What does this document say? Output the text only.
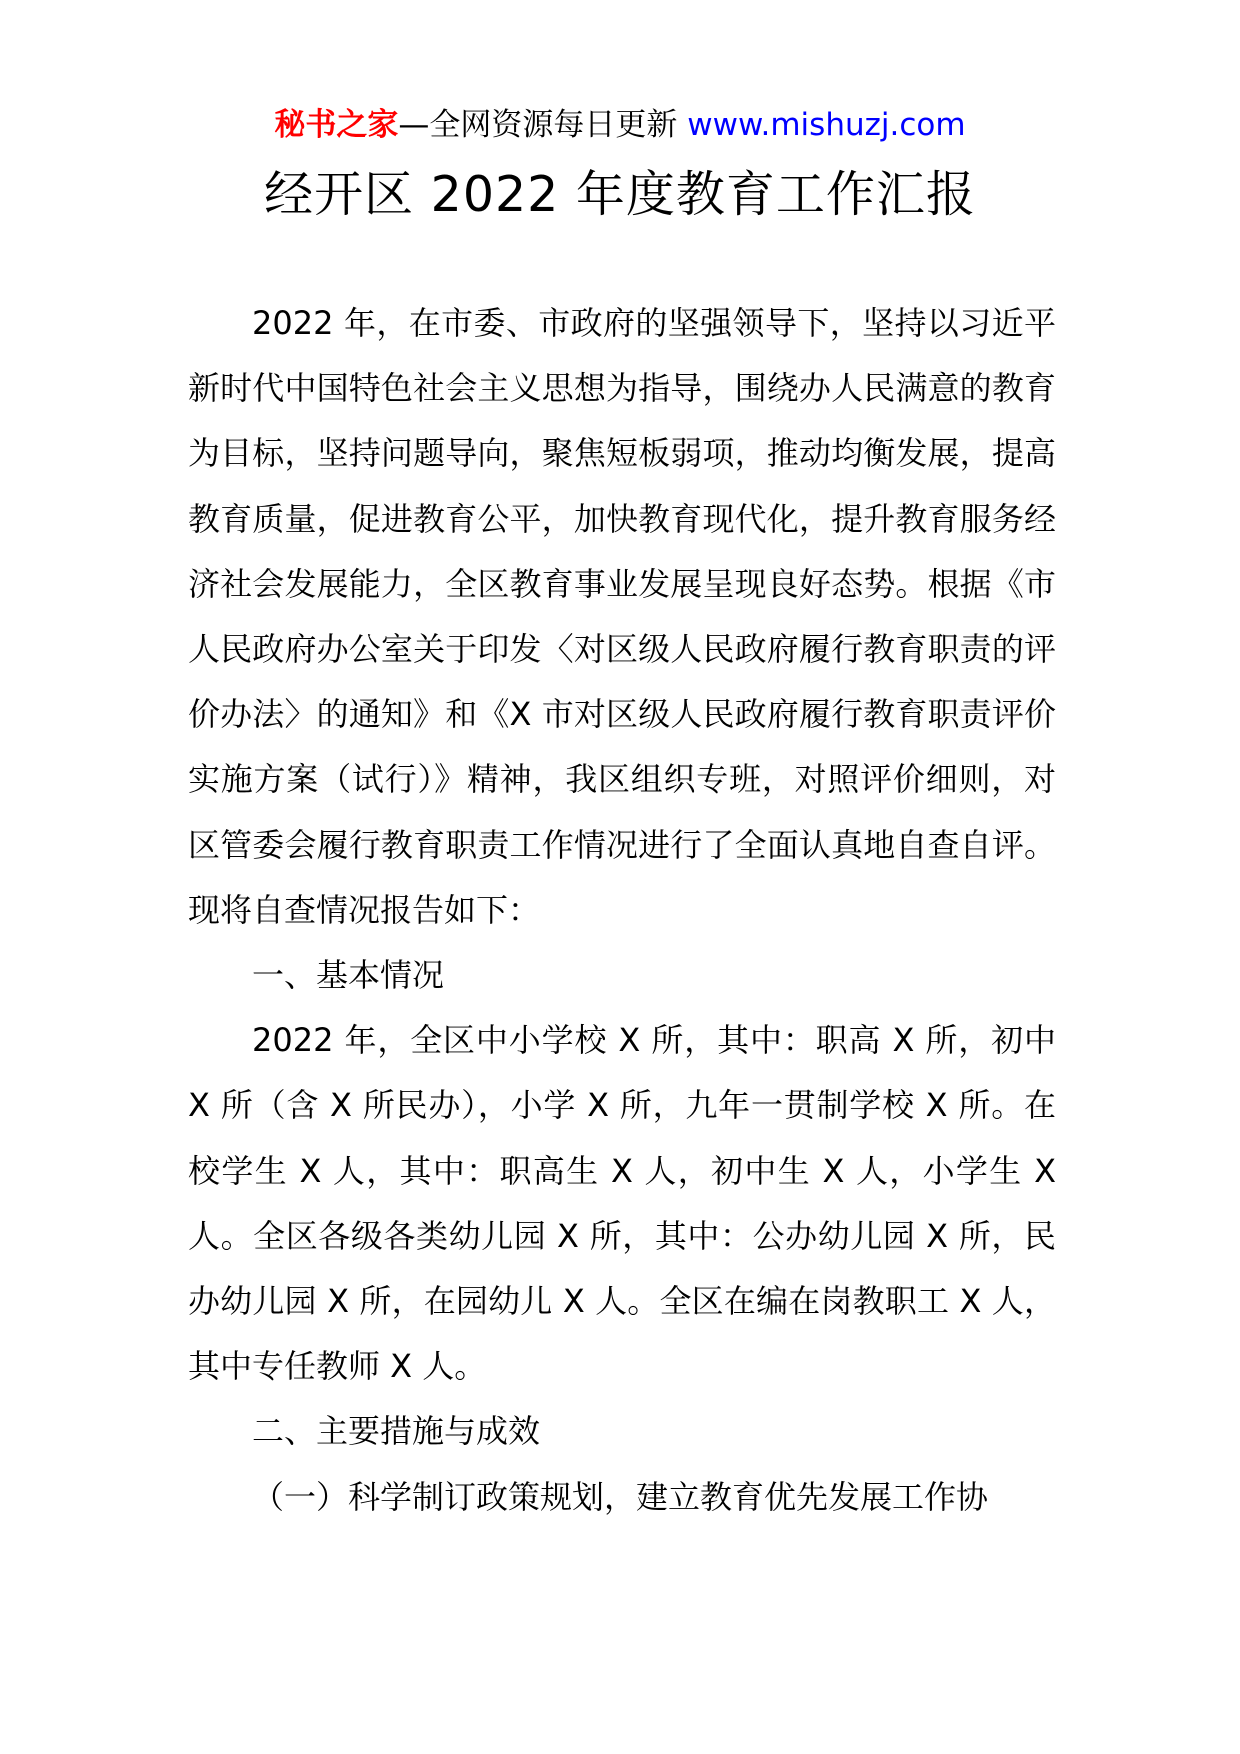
秘书之家—全网资源每日更新 www.mishuzj.com
经开区 2022 年度教育工作汇报

2022 年，在市委、市政府的坚强领导下，坚持以习近平新时代中国特色社会主义思想为指导，围绕办人民满意的教育为目标，坚持问题导向，聚焦短板弱项，推动均衡发展，提高教育质量，促进教育公平，加快教育现代化，提升教育服务经济社会发展能力，全区教育事业发展呈现良好态势。根据《市人民政府办公室关于印发〈对区级人民政府履行教育职责的评价办法〉的通知》和《X 市对区级人民政府履行教育职责评价实施方案（试行）》精神，我区组织专班，对照评价细则，对区管委会履行教育职责工作情况进行了全面认真地自查自评。现将自查情况报告如下：

一、基本情况

2022 年，全区中小学校 X 所，其中：职高 X 所，初中 X 所（含 X 所民办），小学 X 所，九年一贯制学校 X 所。在校学生 X 人，其中：职高生 X 人，初中生 X 人，小学生 X 人。全区各级各类幼儿园 X 所，其中：公办幼儿园 X 所，民办幼儿园 X 所，在园幼儿 X 人。全区在编在岗教职工 X 人，其中专任教师 X 人。

二、主要措施与成效

（一）科学制订政策规划，建立教育优先发展工作协
